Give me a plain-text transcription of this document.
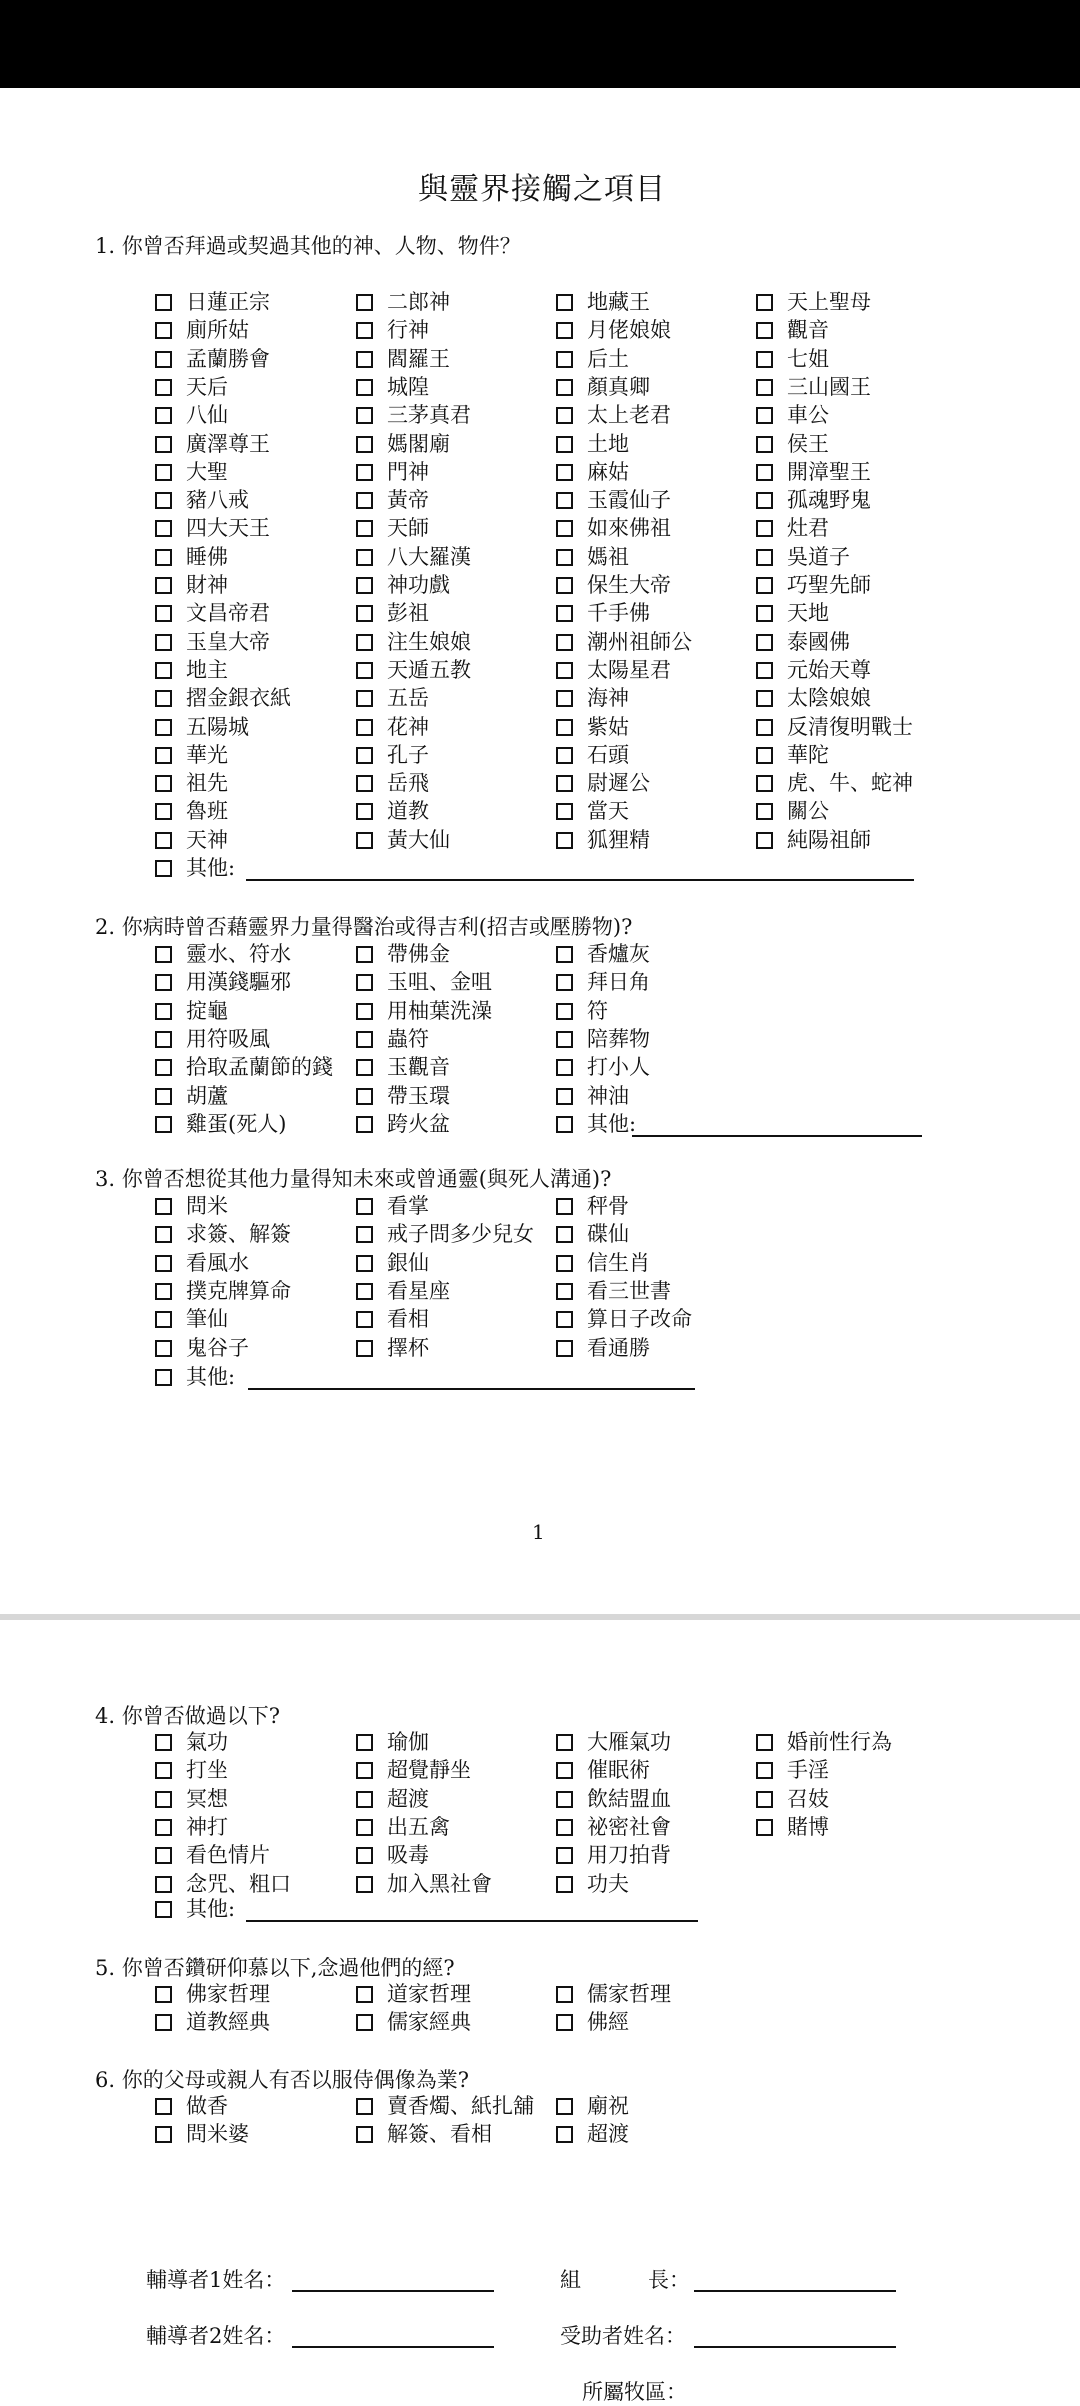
與靈界接觸之項目
1. 你曾否拜過或契過其他的神、人物、物件？
日蓮正宗
廁所姑
孟蘭勝會
天后
八仙
廣澤尊王
大聖
豬八戒
四大天王
睡佛
財神
文昌帝君
玉皇大帝
地主
摺金銀衣紙
五陽城
華光
祖先
魯班
天神
二郎神
行神
閻羅王
城隍
三茅真君
媽閣廟
門神
黃帝
天師
八大羅漢
神功戲
彭祖
注生娘娘
天遁五教
五岳
花神
孔子
岳飛
道教
黃大仙
地藏王
月佬娘娘
后土
顏真卿
太上老君
土地
麻姑
玉霞仙子
如來佛祖
媽祖
保生大帝
千手佛
潮州祖師公
太陽星君
海神
紫姑
石頭
尉遲公
當天
狐狸精
天上聖母
觀音
七姐
三山國王
車公
侯王
開漳聖王
孤魂野鬼
灶君
吳道子
巧聖先師
天地
泰國佛
元始天尊
太陰娘娘
反清復明戰士
華陀
虎、牛、蛇神
關公
純陽祖師
其他:
2. 你病時曾否藉靈界力量得醫治或得吉利(招吉或壓勝物)?
靈水、符水
用漢錢驅邪
掟龜
用符吸風
拾取孟蘭節的錢
胡蘆
雞蛋(死人)
帶佛金
玉咀、金咀
用柚葉洗澡
蟲符
玉觀音
帶玉環
跨火盆
香爐灰
拜日角
符
陪葬物
打小人
神油
其他:
3. 你曾否想從其他力量得知未來或曾通靈(與死人溝通)?
問米
求簽、解簽
看風水
撲克牌算命
筆仙
鬼谷子
看掌
戒子問多少兒女
銀仙
看星座
看相
擇杯
秤骨
碟仙
信生肖
看三世書
算日子改命
看通勝
其他:
1
4. 你曾否做過以下?
氣功
打坐
冥想
神打
看色情片
念咒、粗口
瑜伽
超覺靜坐
超渡
出五禽
吸毒
加入黑社會
大雁氣功
催眠術
飲結盟血
祕密社會
用刀拍背
功夫
婚前性行為
手淫
召妓
賭博
其他:
5. 你曾否鑽研仰慕以下,念過他們的經?
佛家哲理
道教經典
道家哲理
儒家經典
儒家哲理
佛經
6. 你的父母或親人有否以服侍偶像為業?
做香
問米婆
賣香燭、紙扎舖
解簽、看相
廟祝
超渡
輔導者1姓名：	組	長：
輔導者2姓名：	受助者姓名：
所屬牧區：
